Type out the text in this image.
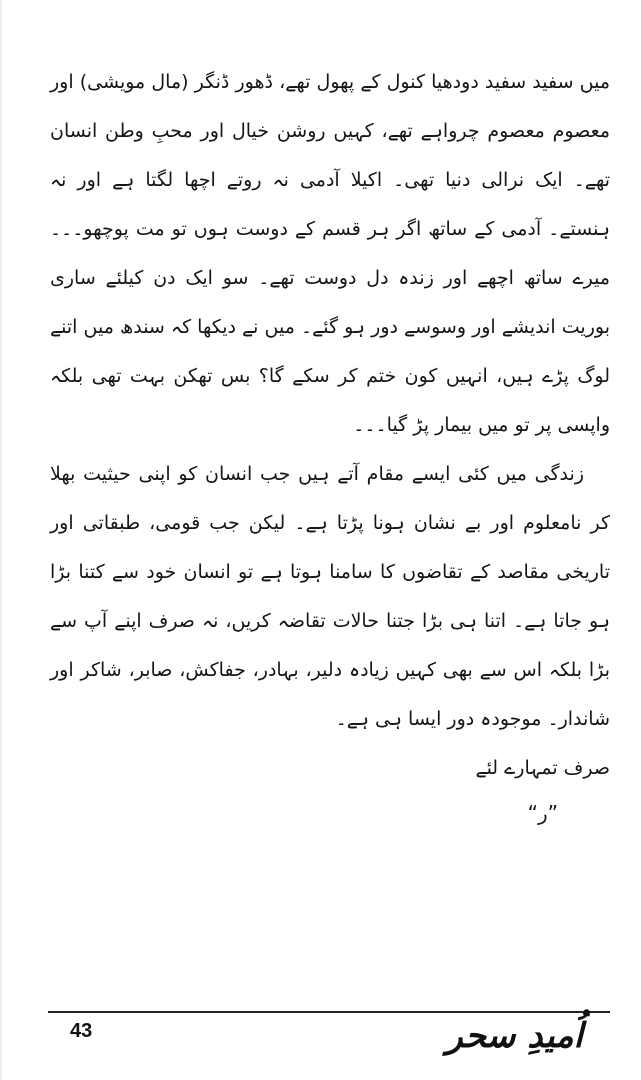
میں سفید سفید دودھیا کنول کے پھول تھے، ڈھور ڈنگر (مال مویشی) اور معصوم معصوم چرواہے تھے، کہیں روشن خیال اور محبِ وطن انسان تھے۔ ایک نرالی دنیا تھی۔ اکیلا آدمی نہ روتے اچھا لگتا ہے اور نہ ہنستے۔ آدمی کے ساتھ اگر ہر قسم کے دوست ہوں تو مت پوچھو۔۔۔ میرے ساتھ اچھے اور زندہ دل دوست تھے۔ سو ایک دن کیلئے ساری بوریت اندیشے اور وسوسے دور ہو گئے۔ میں نے دیکھا کہ سندھ میں اتنے لوگ پڑے ہیں، انہیں کون ختم کر سکے گا؟ بس تھکن بہت تھی بلکہ واپسی پر تو میں بیمار پڑ گیا۔۔۔

زندگی میں کئی ایسے مقام آتے ہیں جب انسان کو اپنی حیثیت بھلا کر نامعلوم اور بے نشان ہونا پڑتا ہے۔ لیکن جب قومی، طبقاتی اور تاریخی مقاصد کے تقاضوں کا سامنا ہوتا ہے تو انسان خود سے کتنا بڑا ہو جاتا ہے۔ اتنا ہی بڑا جتنا حالات تقاضہ کریں، نہ صرف اپنے آپ سے بڑا بلکہ اس سے بھی کہیں زیادہ دلیر، بہادر، جفاکش، صابر، شاکر اور شاندار۔ موجودہ دور ایسا ہی ہے۔

صرف تمہارے لئے

”ر“

43	اُمیدِ سحر
